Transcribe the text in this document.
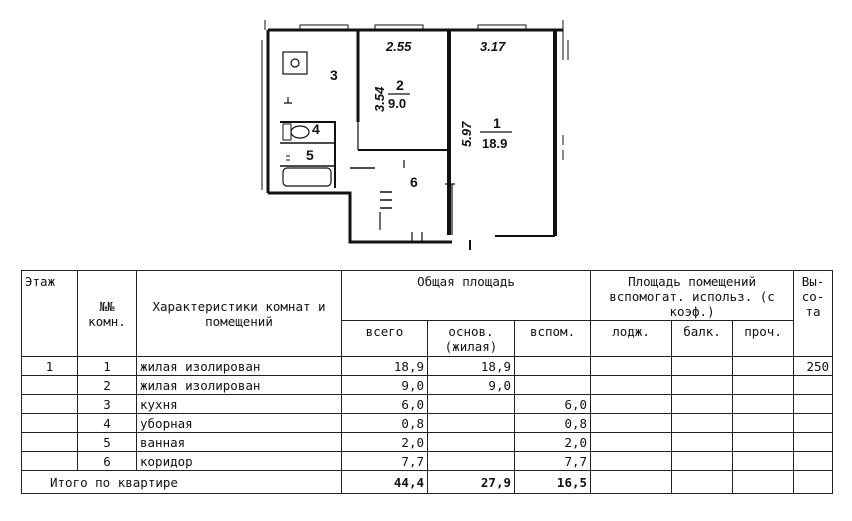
2.55	3.17
3.54
5.97
3
2
9.0
1
18.9
4
5
6
Этаж	№№ комн.	Характеристики комнат и помещений	Общая площадь			Площадь помещений вспомогат. использ. (с коэф.)			Вы- со- та
			всего	основ. (жилая)	вспом.	лодж.	балк.	проч.	
1	1	жилая изолирован	18,9	18,9					250
	2	жилая изолирован	9,0	9,0					
	3	кухня	6,0		6,0				
	4	уборная	0,8		0,8				
	5	ванная	2,0		2,0				
	6	коридор	7,7		7,7				
Итого по квартире			44,4	27,9	16,5				
